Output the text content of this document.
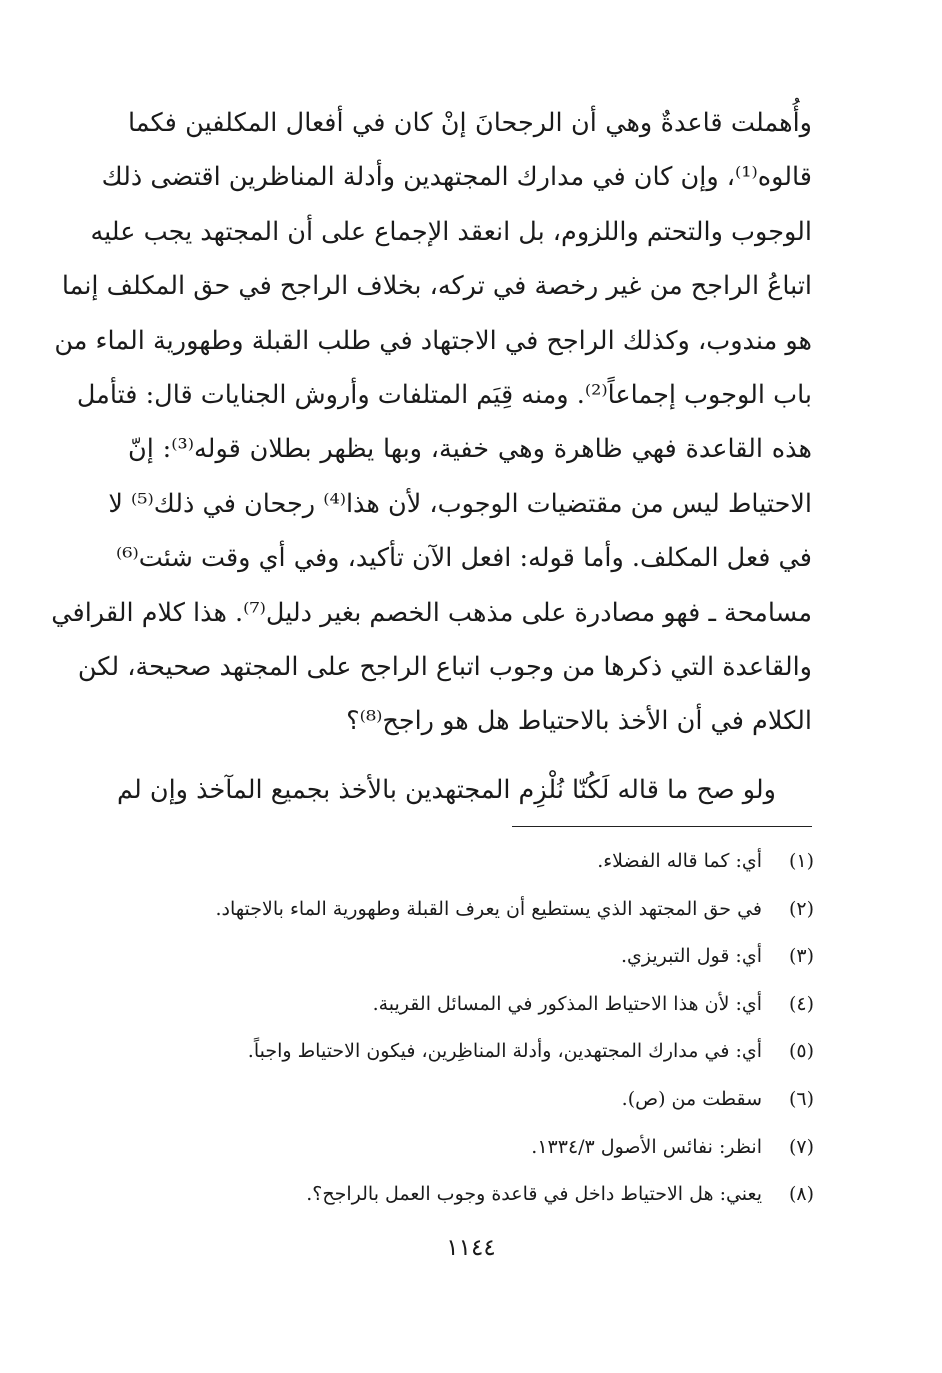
وأُهملت قاعدةٌ وهي أن الرجحانَ إنْ كان في أفعال المكلفين فكما
قالوه⁽¹⁾، وإن كان في مدارك المجتهدين وأدلة المناظرين اقتضى ذلك
الوجوب والتحتم واللزوم، بل انعقد الإجماع على أن المجتهد يجب عليه
اتباعُ الراجح من غير رخصة في تركه، بخلاف الراجح في حق المكلف إنما
هو مندوب، وكذلك الراجح في الاجتهاد في طلب القبلة وطهورية الماء من
باب الوجوب إجماعاً⁽²⁾. ومنه قِيَم المتلفات وأروش الجنايات قال: فتأمل
هذه القاعدة فهي ظاهرة وهي خفية، وبها يظهر بطلان قوله⁽³⁾: إنّ
الاحتياط ليس من مقتضيات الوجوب، لأن هذا⁽⁴⁾ رجحان في ذلك⁽⁵⁾ لا
في فعل المكلف. وأما قوله: افعل الآن تأكيد، وفي أي وقت شئت⁽⁶⁾
مسامحة ـ فهو مصادرة على مذهب الخصم بغير دليل⁽⁷⁾. هذا كلام القرافي
والقاعدة التي ذكرها من وجوب اتباع الراجح على المجتهد صحيحة، لكن
الكلام في أن الأخذ بالاحتياط هل هو راجح⁽⁸⁾؟
ولو صح ما قاله لَكُنّا نُلْزِم المجتهدين بالأخذ بجميع المآخذ وإن لم
(١)أي: كما قاله الفضلاء.
(٢)في حق المجتهد الذي يستطيع أن يعرف القبلة وطهورية الماء بالاجتهاد.
(٣)أي: قول التبريزي.
(٤)أي: لأن هذا الاحتياط المذكور في المسائل القريبة.
(٥)أي: في مدارك المجتهدين، وأدلة المناظِرين، فيكون الاحتياط واجباً.
(٦)سقطت من (ص).
(٧)انظر: نفائس الأصول ١٣٣٤/٣.
(٨)يعني: هل الاحتياط داخل في قاعدة وجوب العمل بالراجح؟.
١١٤٤
